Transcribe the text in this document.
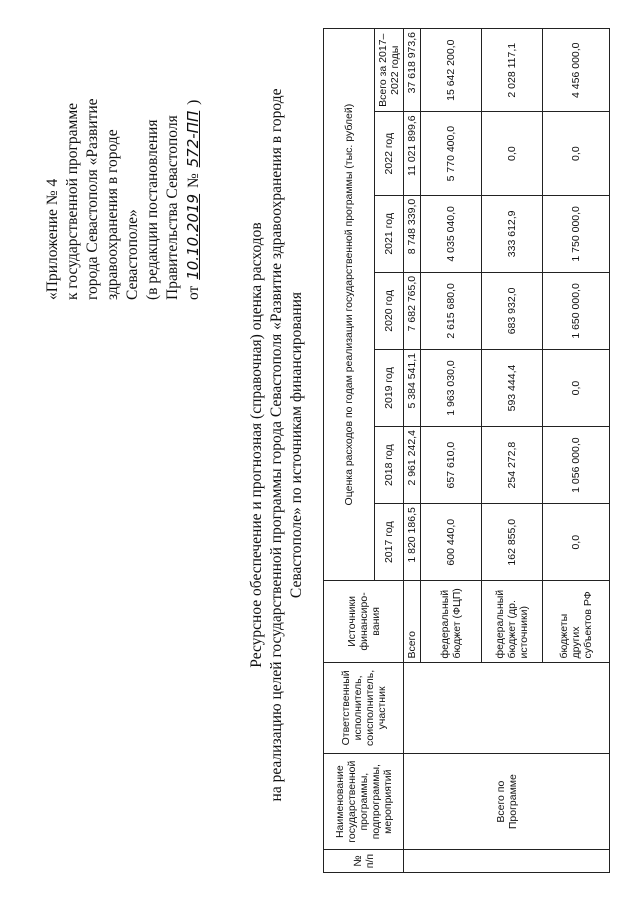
«Приложение № 4 к государственной программе города Севастополя «Развитие здравоохранения в городе Севастополе» (в редакции постановления Правительства Севастополя от 10.10.2019 № 572-ПП )
Ресурсное обеспечение и прогнозная (справочная) оценка расходов на реализацию целей государственной программы города Севастополя «Развитие здравоохранения в городе Севастополе» по источникам финансирования
№ п/п	Наименование государственной программы, подпрограммы, мероприятий	Ответственный исполнитель, соисполнитель, участник	Источники финансиро-вания	Оценка расходов по годам реализации государственной программы (тыс. рублей)						
				2017 год	2018 год	2019 год	2020 год	2021 год	2022 год	Всего за 2017–2022 годы
	Всего по Программе		Всего	1 820 186,5	2 961 242,4	5 384 541,1	7 682 765,0	8 748 339,0	11 021 899,6	37 618 973,6
			федеральный бюджет (ФЦП)	600 440,0	657 610,0	1 963 030,0	2 615 680,0	4 035 040,0	5 770 400,0	15 642 200,0
			федеральный бюджет (др. источники)	162 855,0	254 272,8	593 444,4	683 932,0	333 612,9	0,0	2 028 117,1
			бюджеты других субъектов РФ	0,0	1 056 000,0	0,0	1 650 000,0	1 750 000,0	0,0	4 456 000,0
